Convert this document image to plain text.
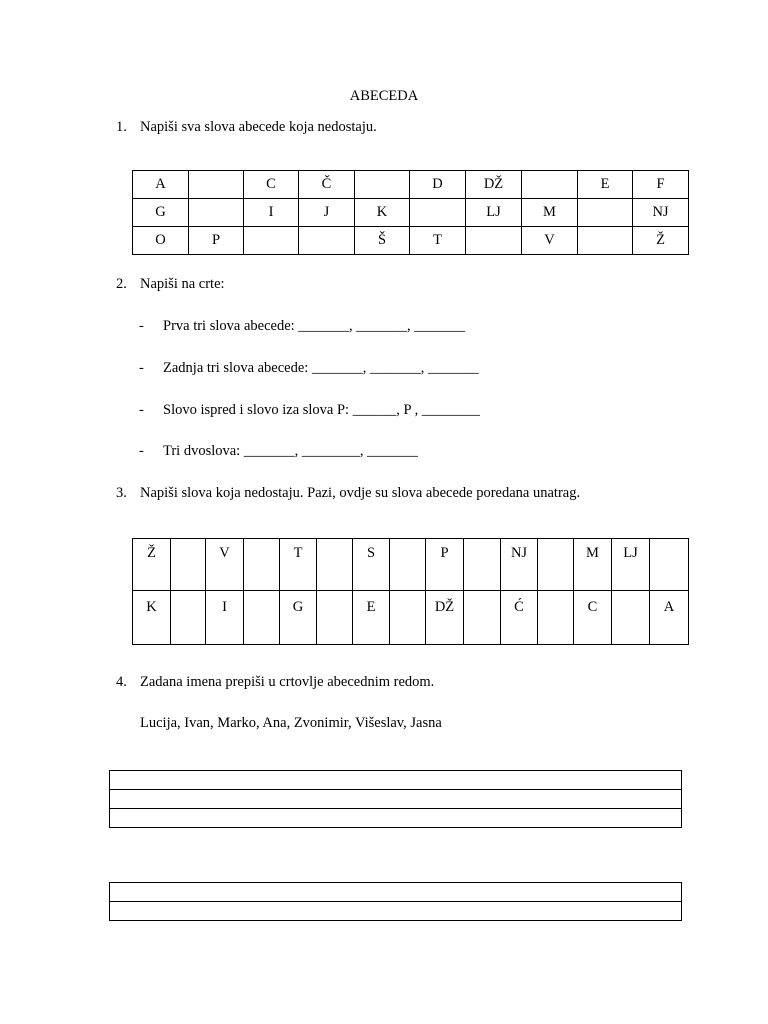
ABECEDA
1. Napiši sva slova abecede koja nedostaju.
A		C	Č		D	DŽ		E	F
G		I	J	K		LJ	M		NJ
O	P			Š	T		V		Ž
2. Napiši na crte:
- Prva tri slova abecede: _______, _______, _______
- Zadnja tri slova abecede: _______, _______, _______
- Slovo ispred i slovo iza slova P: ______, P , ________
- Tri dvoslova: _______, ________, _______
3. Napiši slova koja nedostaju. Pazi, ovdje su slova abecede poredana unatrag.
Ž		V		T		S		P		NJ		M	LJ	
K		I		G		E		DŽ		Ć		C		A
4. Zadana imena prepiši u crtovlje abecednim redom.
Lucija, Ivan, Marko, Ana, Zvonimir, Višeslav, Jasna
